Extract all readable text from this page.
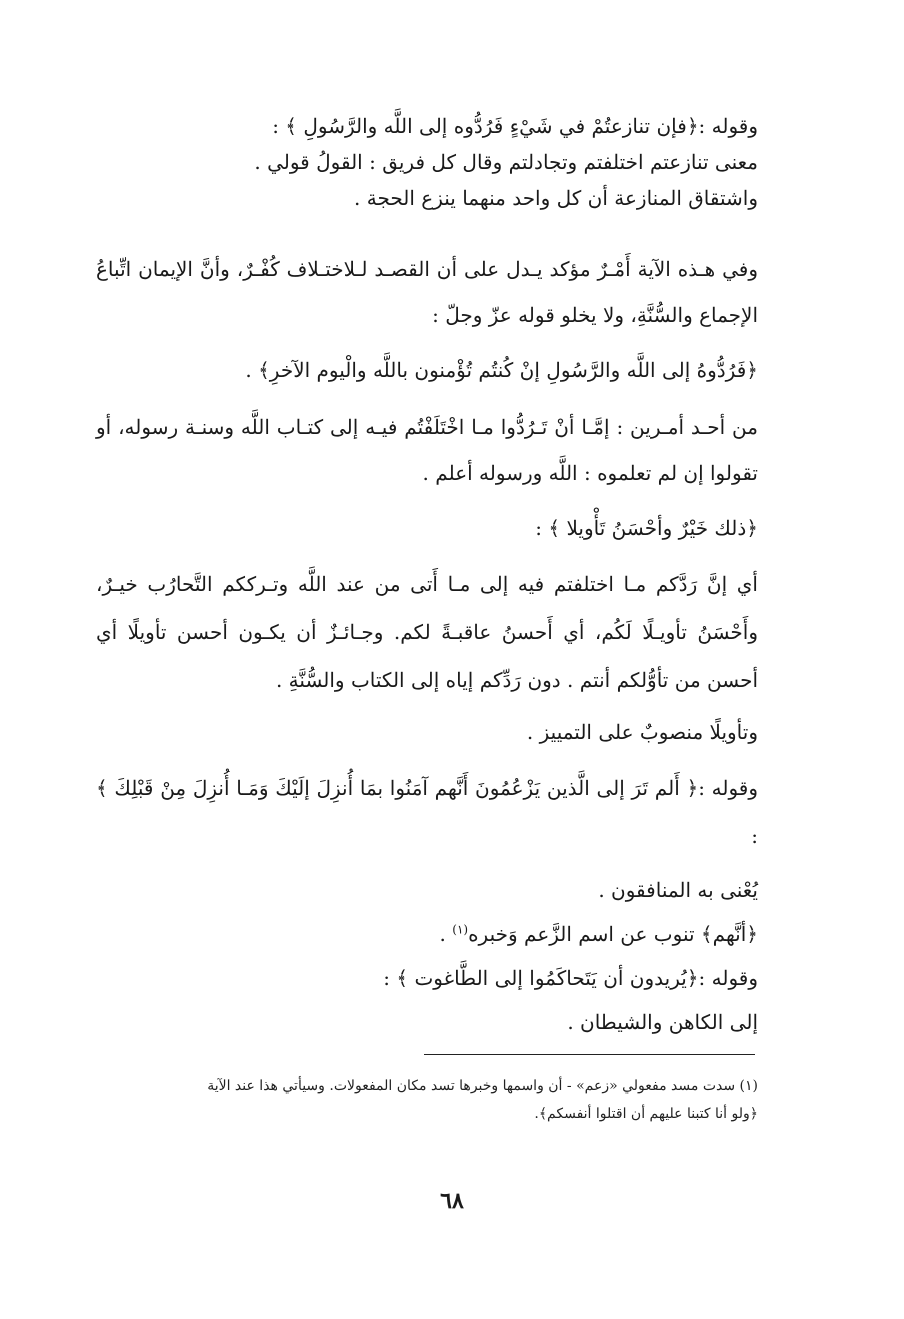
وقوله :﴿فإن تنازعتُمْ في شَيْءٍ فَرُدُّوه إلى اللَّه والرَّسُولِ ﴾ :
معنى تنازعتم اختلفتم وتجادلتم وقال كل فريق : القولُ قولي .
واشتقاق المنازعة أن كل واحد منهما ينزع الحجة .
وفي هـذه الآية أَمْـرٌ مؤكد يـدل على أن القصـد لـلاختـلاف كُفْـرٌ، وأنَّ الإيمان اتِّباعُ الإجماع والسُّنَّةِ، ولا يخلو قوله عزّ وجلّ :
﴿فَرُدُّوهُ إلى اللَّه والرَّسُولِ إنْ كُنتُم تُؤْمنون باللَّه والْيوم الآخرِ﴾ .
من أحـد أمـرين : إمَّـا أنْ تَـرُدُّوا مـا اخْتَلَفْتُم فيـه إلى كتـاب اللَّه وسنـة رسوله، أو تقولوا إن لم تعلموه : اللَّه ورسوله أعلم .
﴿ذلك خَيْرٌ وأحْسَنُ تَأْويلا ﴾ :
أي إنَّ رَدَّكم مـا اختلفتم فيه إلى مـا أَتى من عند اللَّه وتـرككم التَّحارُب خيـرٌ، وأَحْسَنُ تأويـلًا لَكُم، أي أَحسنُ عاقبـةً لكم. وجـائـزٌ أن يكـون أحسن تأويلًا أي أحسن من تأوُّلكم أنتم . دون رَدِّكم إياه إلى الكتاب والسُّنَّةِ .
وتأويلًا منصوبٌ على التمييز .
وقوله :﴿ أَلم تَرَ إلى الَّذين يَزْعُمُونَ أَنَّهم آمَنُوا بمَا أُنزِلَ إلَيْكَ وَمَـا أُنزِلَ مِنْ قَبْلِكَ ﴾ :
يُعْنى به المنافقون .
﴿أنَّهم﴾ تنوب عن اسم الزَّعم وَخبره$^{(١)}$ .
وقوله :﴿يُريدون أن يَتَحاكَمُوا إلى الطَّاغوت ﴾ :
إلى الكاهن والشيطان .
(١) سدت مسد مفعولي «زعم» - أن واسمها وخبرها تسد مكان المفعولات. وسيأتي هذا عند الآية
﴿ولو أنا كتبنا عليهم أن اقتلوا أنفسكم﴾.
٦٨
